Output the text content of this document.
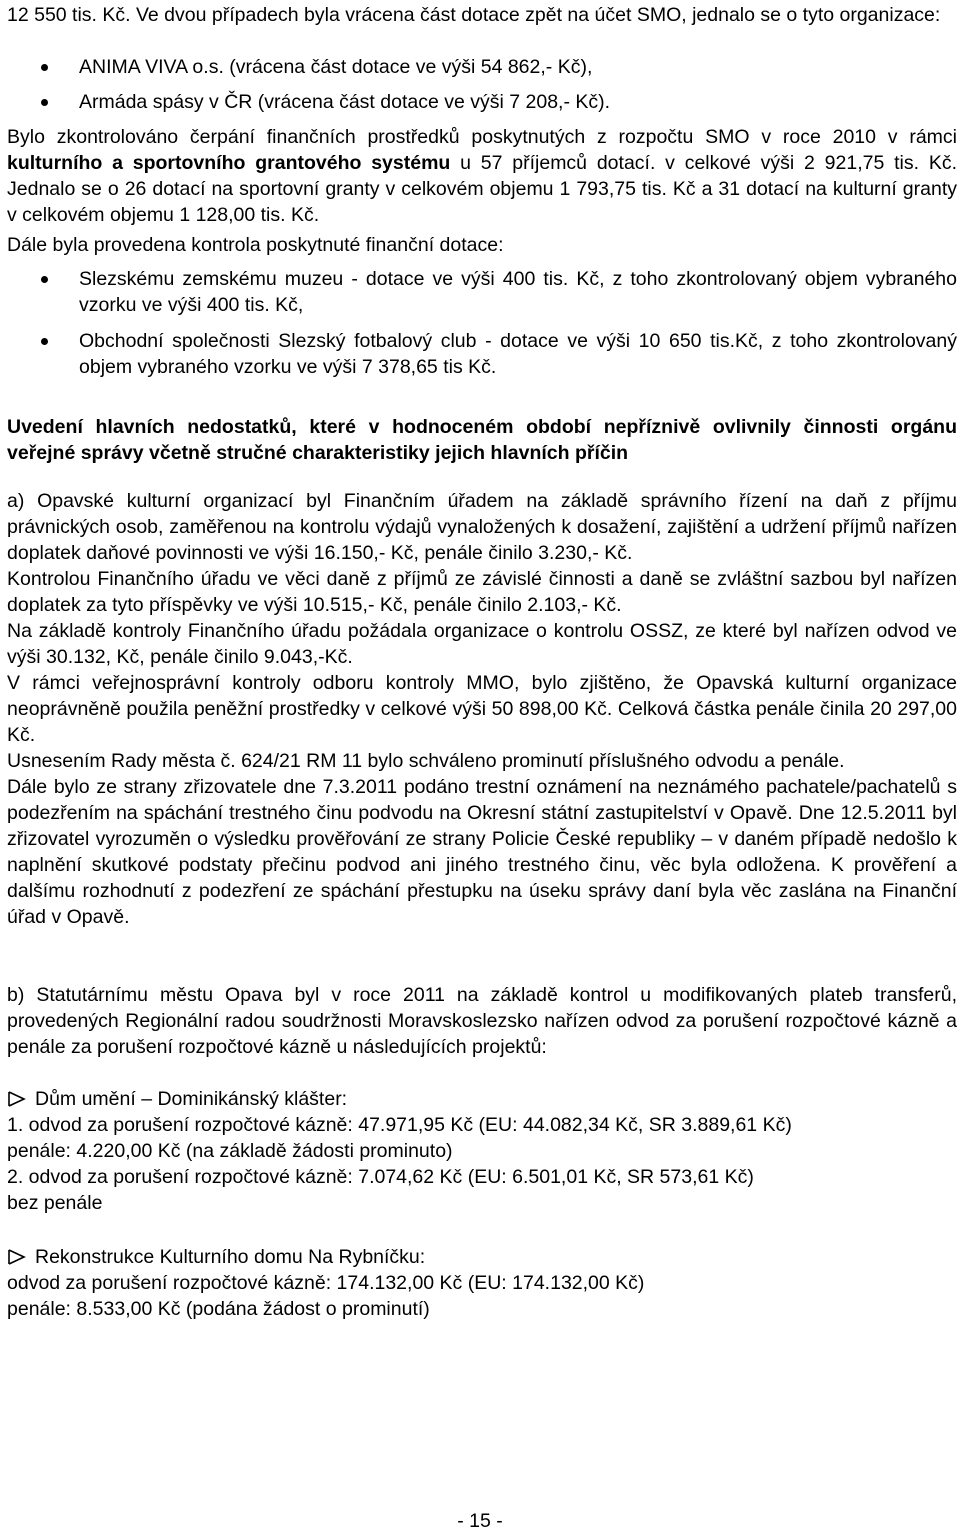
12 550 tis. Kč. Ve dvou případech byla vrácena část dotace zpět na účet SMO, jednalo se o tyto organizace:

ANIMA VIVA o.s. (vrácena část dotace ve výši 54 862,- Kč),
Armáda spásy v ČR (vrácena část dotace ve výši 7 208,- Kč).

Bylo zkontrolováno čerpání finančních prostředků poskytnutých z rozpočtu SMO v roce 2010 v rámci kulturního a sportovního grantového systému u 57 příjemců dotací. v celkové výši 2 921,75 tis. Kč. Jednalo se o 26 dotací na sportovní granty v celkovém objemu 1 793,75 tis. Kč a 31 dotací na kulturní granty v celkovém objemu 1 128,00 tis. Kč.

Dále byla provedena kontrola poskytnuté finanční dotace:

Slezskému zemskému muzeu - dotace ve výši 400 tis. Kč, z toho zkontrolovaný objem vybraného vzorku ve výši 400 tis. Kč,
Obchodní společnosti Slezský fotbalový club - dotace ve výši 10 650 tis.Kč, z toho zkontrolovaný objem vybraného vzorku ve výši 7 378,65 tis Kč.

Uvedení hlavních nedostatků, které v hodnoceném období nepříznivě ovlivnily činnosti orgánu veřejné správy včetně stručné charakteristiky jejich hlavních příčin

a) Opavské kulturní organizací byl Finančním úřadem na základě správního řízení na daň z příjmu právnických osob, zaměřenou na kontrolu výdajů vynaložených k dosažení, zajištění a udržení příjmů nařízen doplatek daňové povinnosti ve výši 16.150,- Kč, penále činilo 3.230,- Kč.

Kontrolou Finančního úřadu ve věci daně z příjmů ze závislé činnosti a daně se zvláštní sazbou byl nařízen doplatek za tyto příspěvky ve výši 10.515,- Kč, penále činilo 2.103,- Kč.

Na základě kontroly Finančního úřadu požádala organizace o kontrolu OSSZ, ze které byl nařízen odvod ve výši 30.132, Kč, penále činilo 9.043,-Kč.

V rámci veřejnosprávní kontroly odboru kontroly MMO, bylo zjištěno, že Opavská kulturní organizace neoprávněně použila peněžní prostředky v celkové výši 50 898,00 Kč. Celková částka penále činila 20 297,00 Kč.

Usnesením Rady města č. 624/21 RM 11 bylo schváleno prominutí příslušného odvodu a penále.

Dále bylo ze strany zřizovatele dne 7.3.2011 podáno trestní oznámení na neznámého pachatele/pachatelů s podezřením na spáchání trestného činu podvodu na Okresní státní zastupitelství v Opavě. Dne 12.5.2011 byl zřizovatel vyrozuměn o výsledku prověřování ze strany Policie České republiky – v daném případě nedošlo k naplnění skutkové podstaty přečinu podvod ani jiného trestného činu, věc byla odložena. K prověření a dalšímu rozhodnutí z podezření ze spáchání přestupku na úseku správy daní byla věc zaslána na Finanční úřad v Opavě.

b) Statutárnímu městu Opava byl v roce 2011 na základě kontrol u modifikovaných plateb transferů, provedených Regionální radou soudržnosti Moravskoslezsko nařízen odvod za porušení rozpočtové kázně a penále za porušení rozpočtové kázně u následujících projektů:

Dům umění – Dominikánský klášter:

1. odvod za porušení rozpočtové kázně: 47.971,95 Kč (EU: 44.082,34 Kč, SR 3.889,61 Kč)

penále: 4.220,00 Kč (na základě žádosti prominuto)

2. odvod za porušení rozpočtové kázně: 7.074,62 Kč (EU: 6.501,01 Kč, SR 573,61 Kč)

bez penále

Rekonstrukce Kulturního domu Na Rybníčku:

odvod za porušení rozpočtové kázně: 174.132,00 Kč (EU: 174.132,00 Kč)

penále: 8.533,00 Kč (podána žádost o prominutí)

- 15 -
